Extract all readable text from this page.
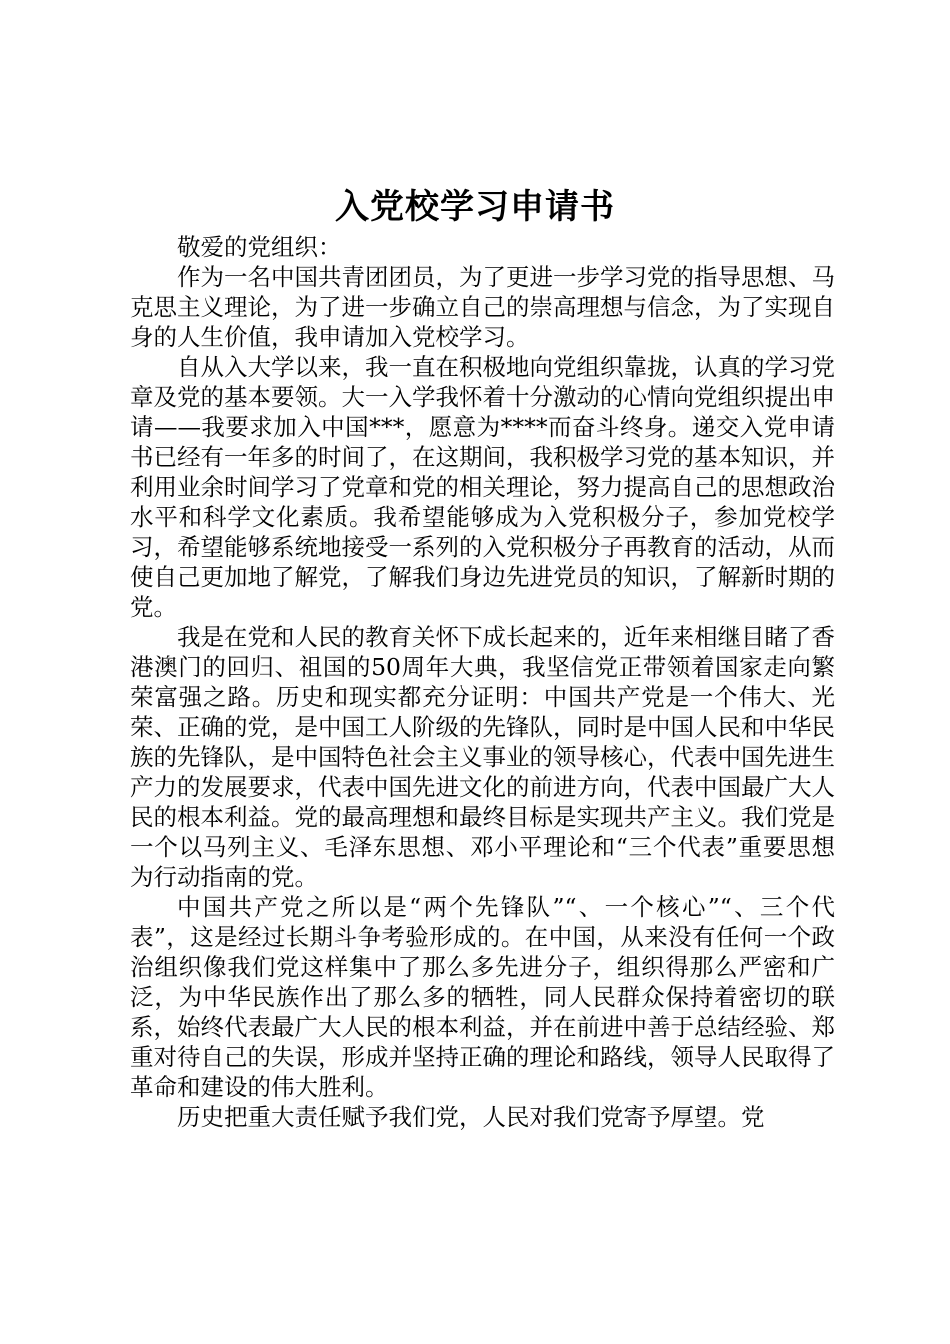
入党校学习申请书

敬爱的党组织：

作为一名中国共青团团员，为了更进一步学习党的指导思想、马克思主义理论，为了进一步确立自己的崇高理想与信念，为了实现自身的人生价值，我申请加入党校学习。

自从入大学以来，我一直在积极地向党组织靠拢，认真的学习党章及党的基本要领。大一入学我怀着十分激动的心情向党组织提出申请——我要求加入中国***，愿意为****而奋斗终身。递交入党申请书已经有一年多的时间了，在这期间，我积极学习党的基本知识，并利用业余时间学习了党章和党的相关理论，努力提高自己的思想政治水平和科学文化素质。我希望能够成为入党积极分子，参加党校学习，希望能够系统地接受一系列的入党积极分子再教育的活动，从而使自己更加地了解党，了解我们身边先进党员的知识，了解新时期的党。

我是在党和人民的教育关怀下成长起来的，近年来相继目睹了香港澳门的回归、祖国的50周年大典，我坚信党正带领着国家走向繁荣富强之路。历史和现实都充分证明：中国共产党是一个伟大、光荣、正确的党，是中国工人阶级的先锋队，同时是中国人民和中华民族的先锋队，是中国特色社会主义事业的领导核心，代表中国先进生产力的发展要求，代表中国先进文化的前进方向，代表中国最广大人民的根本利益。党的最高理想和最终目标是实现共产主义。我们党是一个以马列主义、毛泽东思想、邓小平理论和“三个代表”重要思想为行动指南的党。

中国共产党之所以是“两个先锋队”“、一个核心”“、三个代表”，这是经过长期斗争考验形成的。在中国，从来没有任何一个政治组织像我们党这样集中了那么多先进分子，组织得那么严密和广泛，为中华民族作出了那么多的牺牲，同人民群众保持着密切的联系，始终代表最广大人民的根本利益，并在前进中善于总结经验、郑重对待自己的失误，形成并坚持正确的理论和路线，领导人民取得了革命和建设的伟大胜利。

历史把重大责任赋予我们党，人民对我们党寄予厚望。党
